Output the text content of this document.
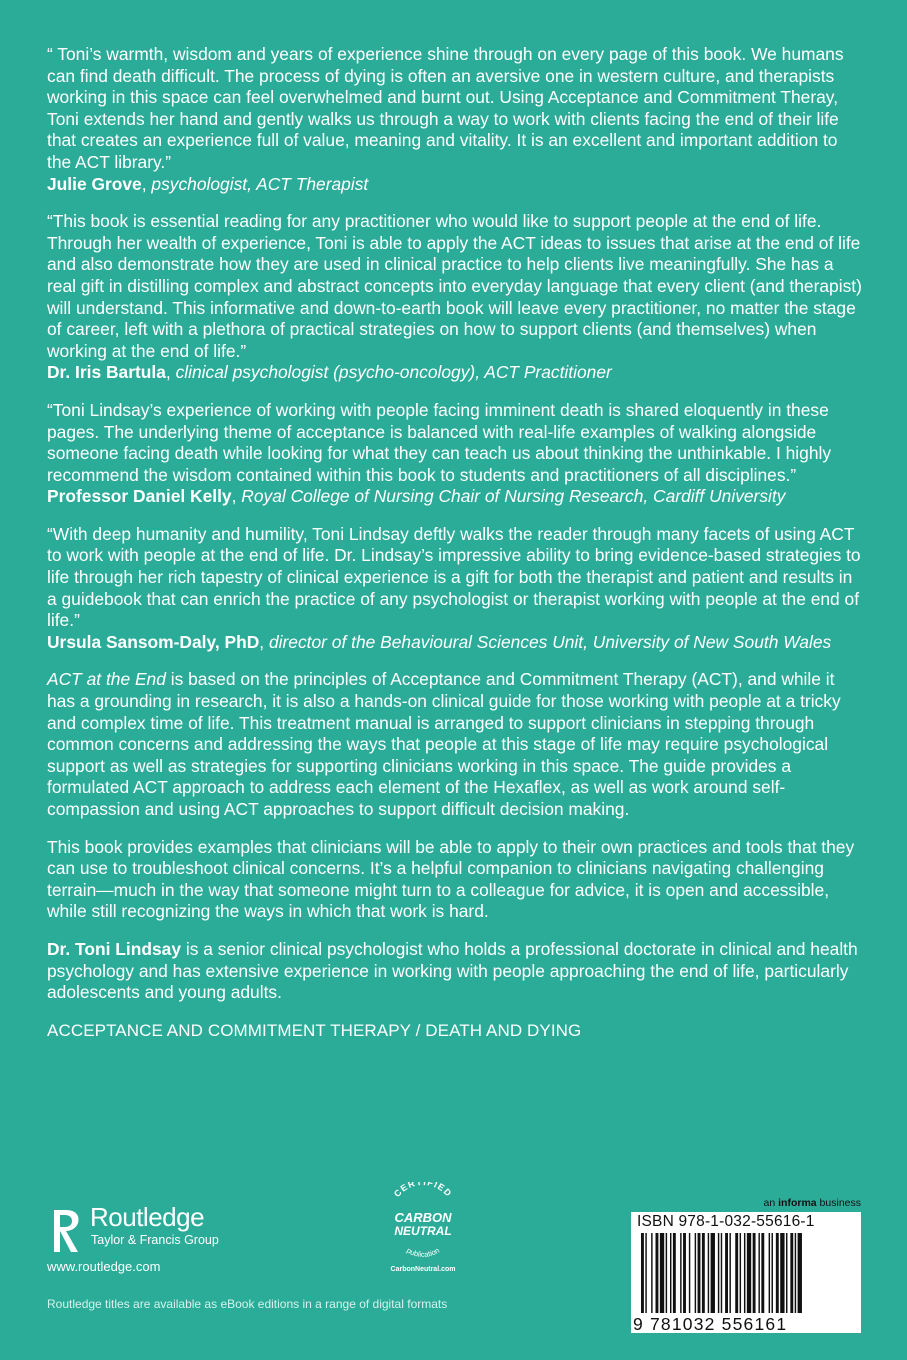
“ Toni’s warmth, wisdom and years of experience shine through on every page of this book. We humans can find death difficult. The process of dying is often an aversive one in western culture, and therapists working in this space can feel overwhelmed and burnt out. Using Acceptance and Commitment Theray, Toni extends her hand and gently walks us through a way to work with clients facing the end of their life that creates an experience full of value, meaning and vitality. It is an excellent and important addition to the ACT library.”
Julie Grove, psychologist, ACT Therapist
“This book is essential reading for any practitioner who would like to support people at the end of life. Through her wealth of experience, Toni is able to apply the ACT ideas to issues that arise at the end of life and also demonstrate how they are used in clinical practice to help clients live meaningfully. She has a real gift in distilling complex and abstract concepts into everyday language that every client (and therapist) will understand. This informative and down-to-earth book will leave every practitioner, no matter the stage of career, left with a plethora of practical strategies on how to support clients (and themselves) when working at the end of life.”
Dr. Iris Bartula, clinical psychologist (psycho-oncology), ACT Practitioner
“Toni Lindsay’s experience of working with people facing imminent death is shared eloquently in these pages. The underlying theme of acceptance is balanced with real-life examples of walking alongside someone facing death while looking for what they can teach us about thinking the unthinkable. I highly recommend the wisdom contained within this book to students and practitioners of all disciplines.”
Professor Daniel Kelly, Royal College of Nursing Chair of Nursing Research, Cardiff University
“With deep humanity and humility, Toni Lindsay deftly walks the reader through many facets of using ACT to work with people at the end of life. Dr. Lindsay’s impressive ability to bring evidence-based strategies to life through her rich tapestry of clinical experience is a gift for both the therapist and patient and results in a guidebook that can enrich the practice of any psychologist or therapist working with people at the end of life.”
Ursula Sansom-Daly, PhD, director of the Behavioural Sciences Unit, University of New South Wales
ACT at the End is based on the principles of Acceptance and Commitment Therapy (ACT), and while it has a grounding in research, it is also a hands-on clinical guide for those working with people at a tricky and complex time of life. This treatment manual is arranged to support clinicians in stepping through common concerns and addressing the ways that people at this stage of life may require psychological support as well as strategies for supporting clinicians working in this space. The guide provides a formulated ACT approach to address each element of the Hexaflex, as well as work around self-compassion and using ACT approaches to support difficult decision making.
This book provides examples that clinicians will be able to apply to their own practices and tools that they can use to troubleshoot clinical concerns. It’s a helpful companion to clinicians navigating challenging terrain—much in the way that someone might turn to a colleague for advice, it is open and accessible, while still recognizing the ways in which that work is hard.
Dr. Toni Lindsay is a senior clinical psychologist who holds a professional doctorate in clinical and health psychology and has extensive experience in working with people approaching the end of life, particularly adolescents and young adults.
ACCEPTANCE AND COMMITMENT THERAPY / DEATH AND DYING
Routledge
Taylor & Francis Group
www.routledge.com
Routledge titles are available as eBook editions in a range of digital formats
CERTIFIED
CARBON
NEUTRAL
publication
CarbonNeutral.com
an informa business
ISBN 978-1-032-55616-1
9 781032 556161
